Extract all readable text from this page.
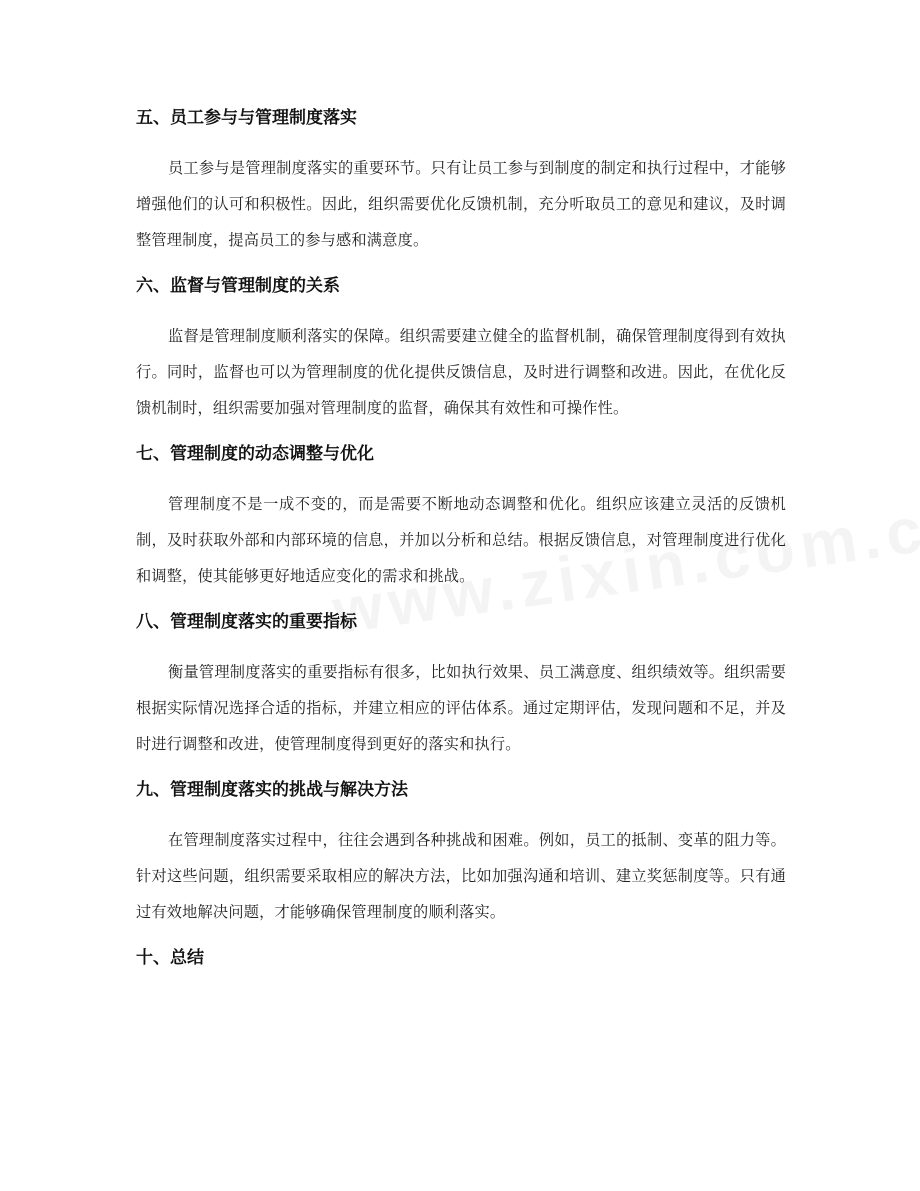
五、员工参与与管理制度落实

员工参与是管理制度落实的重要环节。只有让员工参与到制度的制定和执行过程中，才能够增强他们的认可和积极性。因此，组织需要优化反馈机制，充分听取员工的意见和建议，及时调整管理制度，提高员工的参与感和满意度。

六、监督与管理制度的关系

监督是管理制度顺利落实的保障。组织需要建立健全的监督机制，确保管理制度得到有效执行。同时，监督也可以为管理制度的优化提供反馈信息，及时进行调整和改进。因此，在优化反馈机制时，组织需要加强对管理制度的监督，确保其有效性和可操作性。

七、管理制度的动态调整与优化

管理制度不是一成不变的，而是需要不断地动态调整和优化。组织应该建立灵活的反馈机制，及时获取外部和内部环境的信息，并加以分析和总结。根据反馈信息，对管理制度进行优化和调整，使其能够更好地适应变化的需求和挑战。

八、管理制度落实的重要指标

衡量管理制度落实的重要指标有很多，比如执行效果、员工满意度、组织绩效等。组织需要根据实际情况选择合适的指标，并建立相应的评估体系。通过定期评估，发现问题和不足，并及时进行调整和改进，使管理制度得到更好的落实和执行。

九、管理制度落实的挑战与解决方法

在管理制度落实过程中，往往会遇到各种挑战和困难。例如，员工的抵制、变革的阻力等。针对这些问题，组织需要采取相应的解决方法，比如加强沟通和培训、建立奖惩制度等。只有通过有效地解决问题，才能够确保管理制度的顺利落实。

十、总结
